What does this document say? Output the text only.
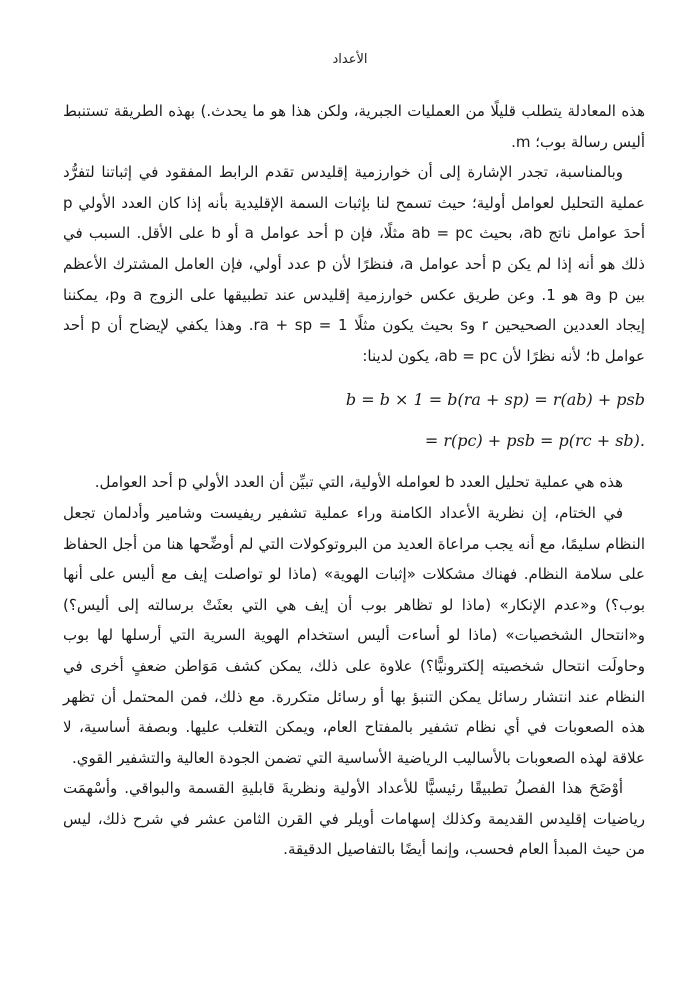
الأعداد

هذه المعادلة يتطلب قليلًا من العمليات الجبرية، ولكن هذا هو ما يحدث.) بهذه الطريقة تستنبط أليس رسالة بوب؛ m.

وبالمناسبة، تجدر الإشارة إلى أن خوارزمية إقليدس تقدم الرابط المفقود في إثباتنا لتفرُّد عملية التحليل لعوامل أولية؛ حيث تسمح لنا بإثبات السمة الإقليدية بأنه إذا كان العدد الأولي p أحدَ عوامل ناتج ab، بحيث ab = pc مثلًا، فإن p أحد عوامل a أو b على الأقل. السبب في ذلك هو أنه إذا لم يكن p أحد عوامل a، فنظرًا لأن p عدد أولي، فإن العامل المشترك الأعظم بين p وa هو 1. وعن طريق عكس خوارزمية إقليدس عند تطبيقها على الزوج a وp، يمكننا إيجاد العددين الصحيحين r وs بحيث يكون مثلًا ra + sp = 1. وهذا يكفي لإيضاح أن p أحد عوامل b؛ لأنه نظرًا لأن ab = pc، يكون لدينا:

b = b × 1 = b(ra + sp) = r(ab) + psb
= r(pc) + psb = p(rc + sb).

هذه هي عملية تحليل العدد b لعوامله الأولية، التي تبيِّن أن العدد الأولي p أحد العوامل.

في الختام، إن نظرية الأعداد الكامنة وراء عملية تشفير ريفيست وشامير وأدلمان تجعل النظام سليمًا، مع أنه يجب مراعاة العديد من البروتوكولات التي لم أوضِّحها هنا من أجل الحفاظ على سلامة النظام. فهناك مشكلات «إثبات الهوية» (ماذا لو تواصلت إيف مع أليس على أنها بوب؟) و«عدم الإنكار» (ماذا لو تظاهر بوب أن إيف هي التي بعثَتْ برسالته إلى أليس؟) و«انتحال الشخصيات» (ماذا لو أساءت أليس استخدام الهوية السرية التي أرسلها لها بوب وحاولَت انتحال شخصيته إلكترونيًّا؟) علاوة على ذلك، يمكن كشف مَوَاطن ضعفٍ أخرى في النظام عند انتشار رسائل يمكن التنبؤ بها أو رسائل متكررة. مع ذلك، فمن المحتمل أن تظهر هذه الصعوبات في أي نظام تشفير بالمفتاح العام، ويمكن التغلب عليها. وبصفة أساسية، لا علاقة لهذه الصعوبات بالأساليب الرياضية الأساسية التي تضمن الجودة العالية والتشفير القوي.

أوْضَحَ هذا الفصلُ تطبيقًا رئيسيًّا للأعداد الأولية ونظريةَ قابليةِ القسمة والبواقي. وأسْهمَت رياضيات إقليدس القديمة وكذلك إسهامات أويلر في القرن الثامن عشر في شرح ذلك، ليس من حيث المبدأ العام فحسب، وإنما أيضًا بالتفاصيل الدقيقة.
